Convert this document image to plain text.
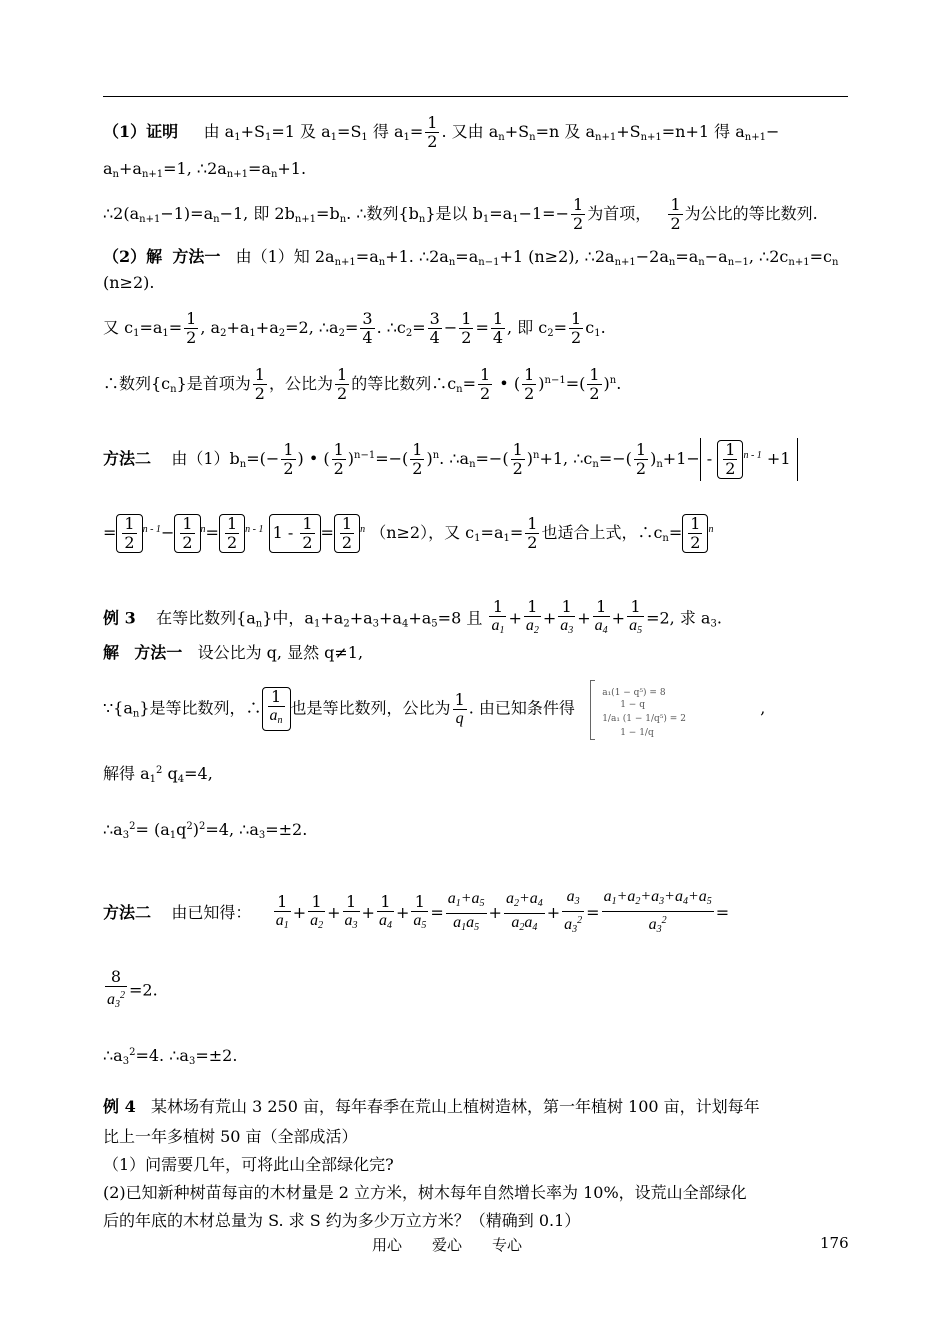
（1）证明 由 $a_1+S_1=1$ 及 $a_1=S_1$ 得 $a_1= \frac{1}{2}$ . 又由 $a_n+S_n=n$ 及 $a_{n+1}+S_{n+1}=n+1$ 得 $a_{n+1}-$
$a_n+a_{n+1}=1$, $\therefore 2a_{n+1}=a_n+1$.
$\therefore 2(a_{n+1}-1)=a_n-1$, 即 $2b_{n+1}=b_n$. ∴数列$\{b_n\}$是以 $b_1=a_1-1=- \frac{1}{2}$ 为首项， $\frac{1}{2}$ 为公比的等比数列.
（2）解 方法一 由（1）知 $2a_{n+1}=a_n+1$. $\therefore 2a_n=a_{n-1}+1$ (n≥2), $\therefore 2a_{n+1}-2a_n=a_n-a_{n-1}$, $\therefore 2c_{n+1}=c_n$
(n≥2).
又 $c_1=a_1= \frac{1}{2}$ , $a_2+a_1+a_2=2$, $\therefore a_2= \frac{3}{4}$ . $\therefore c_2= \frac{3}{4} - \frac{1}{2} = \frac{1}{4}$ , 即 $c_2= \frac{1}{2} c_1$.
∴数列$\{c_n\}$是首项为 $\frac{1}{2}$ ，公比为 $\frac{1}{2}$ 的等比数列$\therefore c_n= \frac{1}{2}$ • ( $\frac{1}{2} )^{n-1}=( \frac{1}{2} )^n$.
方法二 由$(1)b_n=(- \frac{1}{2}$ ) • ( $\frac{1}{2} )^{n-1}=-( \frac{1}{2} )^n$. $\therefore a_n=-( \frac{1}{2} )^n+1$, $\therefore c_n=-( \frac{1}{2} )_n+1- - \frac{1}{2} ^{n - 1} +1$
= $\frac{1}{2} ^{n - 1}- \frac{1}{2} ^n= \frac{1}{2} ^{n - 1}$ $1 - \frac{1}{2} = \frac{1}{2} ^n$ （n≥2），又 $c_1=a_1= \frac{1}{2}$ 也适合上式，$\therefore c_n= \frac{1}{2} ^n$
例 3 在等比数列$\{a_n\}$中，$a_1+a_2+a_3+a_4+a_5=8$ 且 $\frac{1}{a_1} + \frac{1}{a_2} + \frac{1}{a_3} + \frac{1}{a_4} + \frac{1}{a_5} =2$, 求 $a_3$.
解 方法一 设公比为 q, 显然 q≠1,
$\because\{a_n\}$是等比数列，∴ $\frac{1}{a_n}$ 也是等比数列，公比为 $\frac{1}{q}$ . 由已知条件得
a₁(1 − q⁵) = 8
1 − q
1/a₁ (1 − 1/q⁵) = 2
1 − 1/q
,
解得 $a_1^2$ $q_4=4$,
$\therefore a_3^2= (a_1q^2)^2=4$, $\therefore a_3=\pm 2$.
方法二 由已知得： $\frac{1}{a_1} + \frac{1}{a_2} + \frac{1}{a_3} + \frac{1}{a_4} + \frac{1}{a_5} = \frac{a_1+a_5}{a_1a_5} + \frac{a_2+a_4}{a_2a_4} + \frac{a_3}{a_3^2} = \frac{a_1+a_2+a_3+a_4+a_5}{a_3^2}$ =
$\frac{8}{a_3^2} =2$.
$\therefore a_3^2=4$. $\therefore a_3=\pm 2$.
例 4 某林场有荒山 3 250 亩，每年春季在荒山上植树造林，第一年植树 100 亩，计划每年
比上一年多植树 50 亩（全部成活）
（1）问需要几年，可将此山全部绿化完?
(2)已知新种树苗每亩的木材量是 2 立方米，树木每年自然增长率为 10%，设荒山全部绿化
后的年底的木材总量为 S. 求 S 约为多少万立方米？（精确到 0.1）
用心　　爱心　　专心	176
